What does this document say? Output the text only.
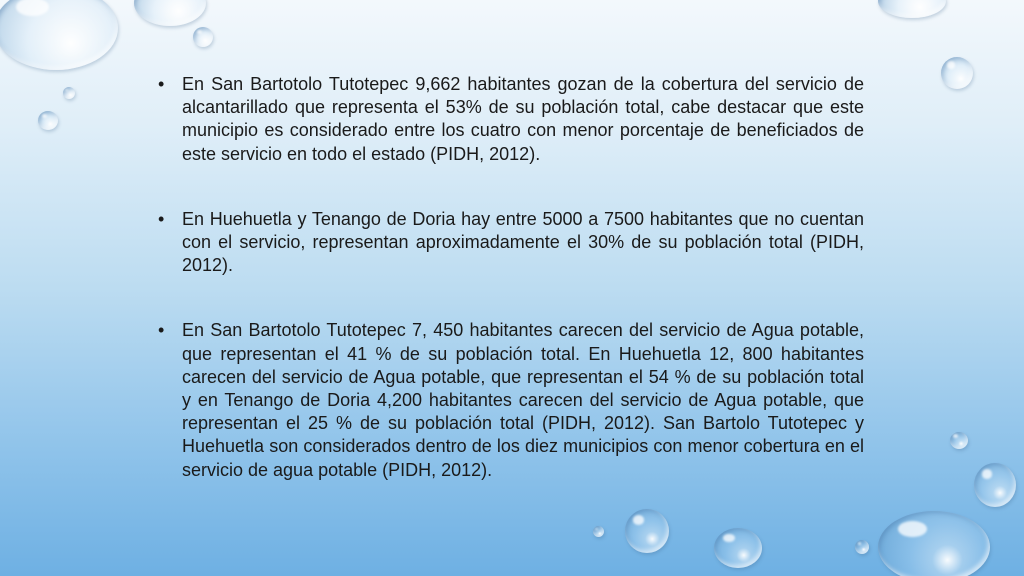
• En San Bartotolo Tutotepec 9,662 habitantes gozan de la cobertura del servicio de alcantarillado que representa el 53% de su población total, cabe destacar que este municipio es considerado entre los cuatro con menor porcentaje de beneficiados de este servicio en todo el estado (PIDH, 2012).

• En Huehuetla y Tenango de Doria hay entre 5000 a 7500 habitantes que no cuentan con el servicio, representan aproximadamente el 30% de su población total (PIDH, 2012).

• En San Bartotolo Tutotepec 7, 450 habitantes carecen del servicio de Agua potable, que representan el 41 % de su población total. En Huehuetla 12, 800 habitantes carecen del servicio de Agua potable, que representan el 54 % de su población total y en Tenango de Doria 4,200 habitantes carecen del servicio de Agua potable, que representan el 25 % de su población total (PIDH, 2012). San Bartolo Tutotepec y Huehuetla son considerados dentro de los diez municipios con menor cobertura en el servicio de agua potable (PIDH, 2012).
